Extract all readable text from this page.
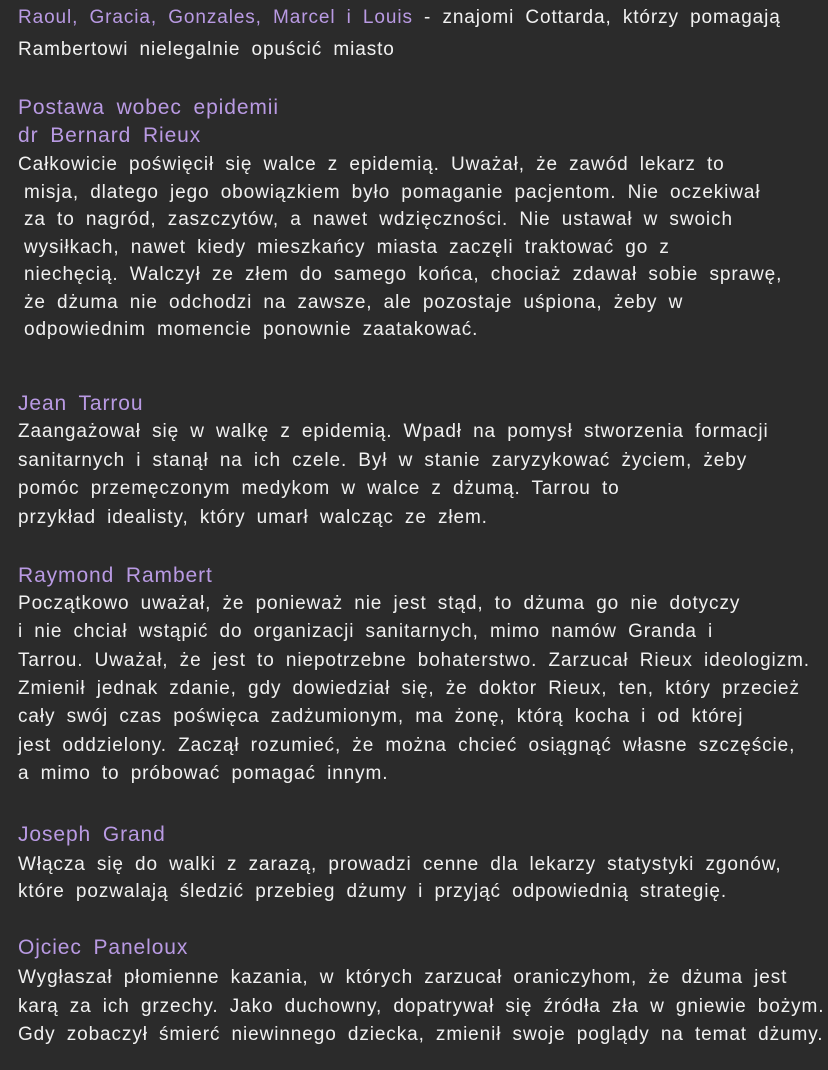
Raoul, Gracia, Gonzales, Marcel i Louis - znajomi Cottarda, którzy pomagają
Rambertowi nielegalnie opuścić miasto
Postawa wobec epidemii
dr Bernard Rieux
Całkowicie poświęcił się walce z epidemią. Uważał, że zawód lekarz to
misja, dlatego jego obowiązkiem było pomaganie pacjentom. Nie oczekiwał
za to nagród, zaszczytów, a nawet wdzięczności. Nie ustawał w swoich
wysiłkach, nawet kiedy mieszkańcy miasta zaczęli traktować go z
niechęcią. Walczył ze złem do samego końca, chociaż zdawał sobie sprawę,
że dżuma nie odchodzi na zawsze, ale pozostaje uśpiona, żeby w
odpowiednim momencie ponownie zaatakować.
Jean Tarrou
Zaangażował się w walkę z epidemią. Wpadł na pomysł stworzenia formacji
sanitarnych i stanął na ich czele. Był w stanie zaryzykować życiem, żeby
pomóc przemęczonym medykom w walce z dżumą. Tarrou to
przykład idealisty, który umarł walcząc ze złem.
Raymond Rambert
Początkowo uważał, że ponieważ nie jest stąd, to dżuma go nie dotyczy
i nie chciał wstąpić do organizacji sanitarnych, mimo namów Granda i
Tarrou. Uważał, że jest to niepotrzebne bohaterstwo. Zarzucał Rieux ideologizm.
Zmienił jednak zdanie, gdy dowiedział się, że doktor Rieux, ten, który przecież
cały swój czas poświęca zadżumionym, ma żonę, którą kocha i od której
jest oddzielony. Zaczął rozumieć, że można chcieć osiągnąć własne szczęście,
a mimo to próbować pomagać innym.
Joseph Grand
Włącza się do walki z zarazą, prowadzi cenne dla lekarzy statystyki zgonów,
które pozwalają śledzić przebieg dżumy i przyjąć odpowiednią strategię.
Ojciec Paneloux
Wygłaszał płomienne kazania, w których zarzucał oraniczyhom, że dżuma jest
karą za ich grzechy. Jako duchowny, dopatrywał się źródła zła w gniewie bożym.
Gdy zobaczył śmierć niewinnego dziecka, zmienił swoje poglądy na temat dżumy.
